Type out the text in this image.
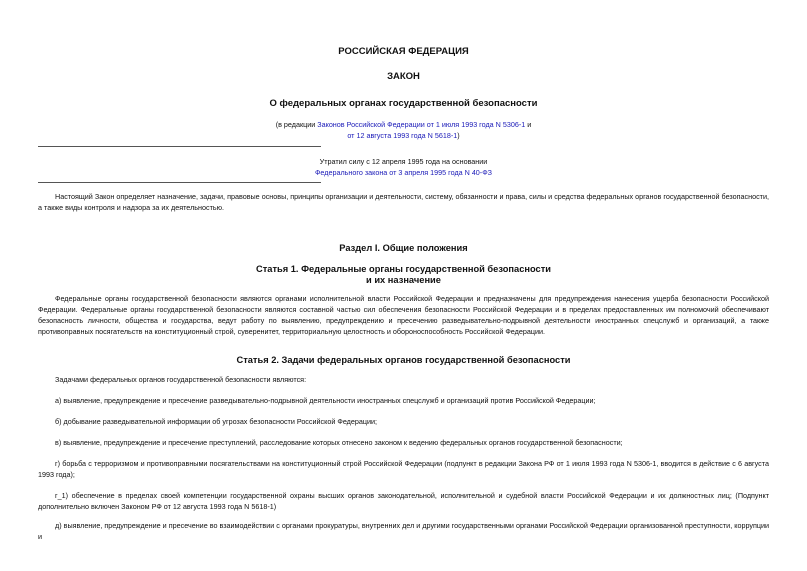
РОССИЙСКАЯ ФЕДЕРАЦИЯ
ЗАКОН
О федеральных органах государственной безопасности
(в редакции Законов Российской Федерации от 1 июля 1993 года N 5306-1 и
от 12 августа 1993 года N 5618-1)
Утратил силу с 12 апреля 1995 года на основании
Федерального закона от 3 апреля 1995 года N 40-ФЗ

Настоящий Закон определяет назначение, задачи, правовые основы, принципы организации и деятельности, систему, обязанности и права, силы и средства федеральных органов государственной безопасности, а также виды контроля и надзора за их деятельностью.

Раздел I. Общие положения
Статья 1. Федеральные органы государственной безопасности
и их назначение

Федеральные органы государственной безопасности являются органами исполнительной власти Российской Федерации и предназначены для предупреждения нанесения ущерба безопасности Российской Федерации. Федеральные органы государственной безопасности являются составной частью сил обеспечения безопасности Российской Федерации и в пределах предоставленных им полномочий обеспечивают безопасность личности, общества и государства, ведут работу по выявлению, предупреждению и пресечению разведывательно-подрывной деятельности иностранных спецслужб и организаций, а также противоправных посягательств на конституционный строй, суверенитет, территориальную целостность и обороноспособность Российской Федерации.

Статья 2. Задачи федеральных органов государственной безопасности

Задачами федеральных органов государственной безопасности являются:

а) выявление, предупреждение и пресечение разведывательно-подрывной деятельности иностранных спецслужб и организаций против Российской Федерации;

б) добывание разведывательной информации об угрозах безопасности Российской Федерации;

в) выявление, предупреждение и пресечение преступлений, расследование которых отнесено законом к ведению федеральных органов государственной безопасности;

г) борьба с терроризмом и противоправными посягательствами на конституционный строй Российской Федерации (подпункт в редакции Закона РФ от 1 июля 1993 года N 5306-1, вводится в действие с 6 августа 1993 года);

г_1) обеспечение в пределах своей компетенции государственной охраны высших органов законодательной, исполнительной и судебной власти Российской Федерации и их должностных лиц; (Подпункт дополнительно включен Законом РФ от 12 августа 1993 года N 5618-1)

д) выявление, предупреждение и пресечение во взаимодействии с органами прокуратуры, внутренних дел и другими государственными органами Российской Федерации организованной преступности, коррупции и
